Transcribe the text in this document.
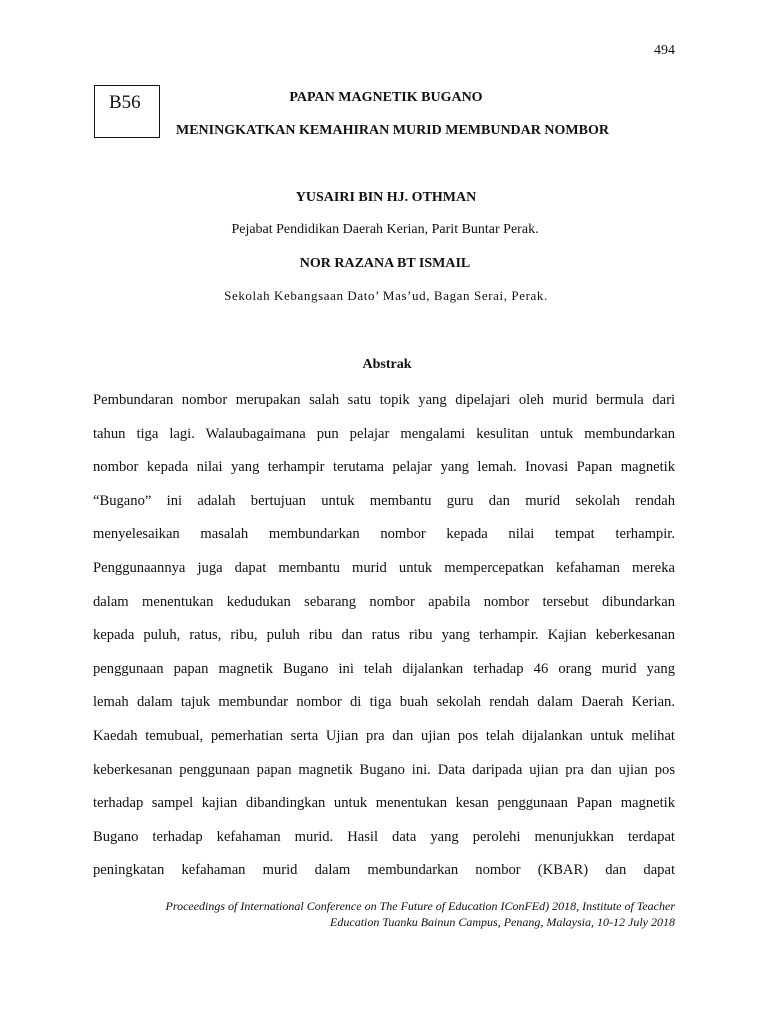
494
B56	PAPAN MAGNETIK BUGANO
MENINGKATKAN KEMAHIRAN MURID MEMBUNDAR NOMBOR
YUSAIRI BIN HJ. OTHMAN
Pejabat Pendidikan Daerah Kerian, Parit Buntar Perak.
NOR RAZANA BT ISMAIL
Sekolah Kebangsaan Dato’ Mas’ud, Bagan Serai, Perak.
Abstrak
Pembundaran nombor merupakan salah satu topik yang dipelajari oleh murid bermula dari
tahun tiga lagi. Walaubagaimana pun pelajar mengalami kesulitan untuk membundarkan
nombor kepada nilai yang terhampir terutama pelajar yang lemah. Inovasi Papan magnetik
“Bugano” ini adalah bertujuan untuk membantu guru dan murid sekolah rendah
menyelesaikan masalah membundarkan nombor kepada nilai tempat terhampir.
Penggunaannya juga dapat membantu murid untuk mempercepatkan kefahaman mereka
dalam menentukan kedudukan sebarang nombor apabila nombor tersebut dibundarkan
kepada puluh, ratus, ribu, puluh ribu dan ratus ribu yang terhampir. Kajian keberkesanan
penggunaan papan magnetik Bugano ini telah dijalankan terhadap 46 orang murid yang
lemah dalam tajuk membundar nombor di tiga buah sekolah rendah dalam Daerah Kerian.
Kaedah temubual, pemerhatian serta Ujian pra dan ujian pos telah dijalankan untuk melihat
keberkesanan penggunaan papan magnetik Bugano ini. Data daripada ujian pra dan ujian pos
terhadap sampel kajian dibandingkan untuk menentukan kesan penggunaan Papan magnetik
Bugano terhadap kefahaman murid. Hasil data yang perolehi menunjukkan terdapat
peningkatan kefahaman murid dalam membundarkan nombor (KBAR) dan dapat
Proceedings of International Conference on The Future of Education IConFEd) 2018, Institute of Teacher
Education Tuanku Bainun Campus, Penang, Malaysia, 10-12 July 2018
